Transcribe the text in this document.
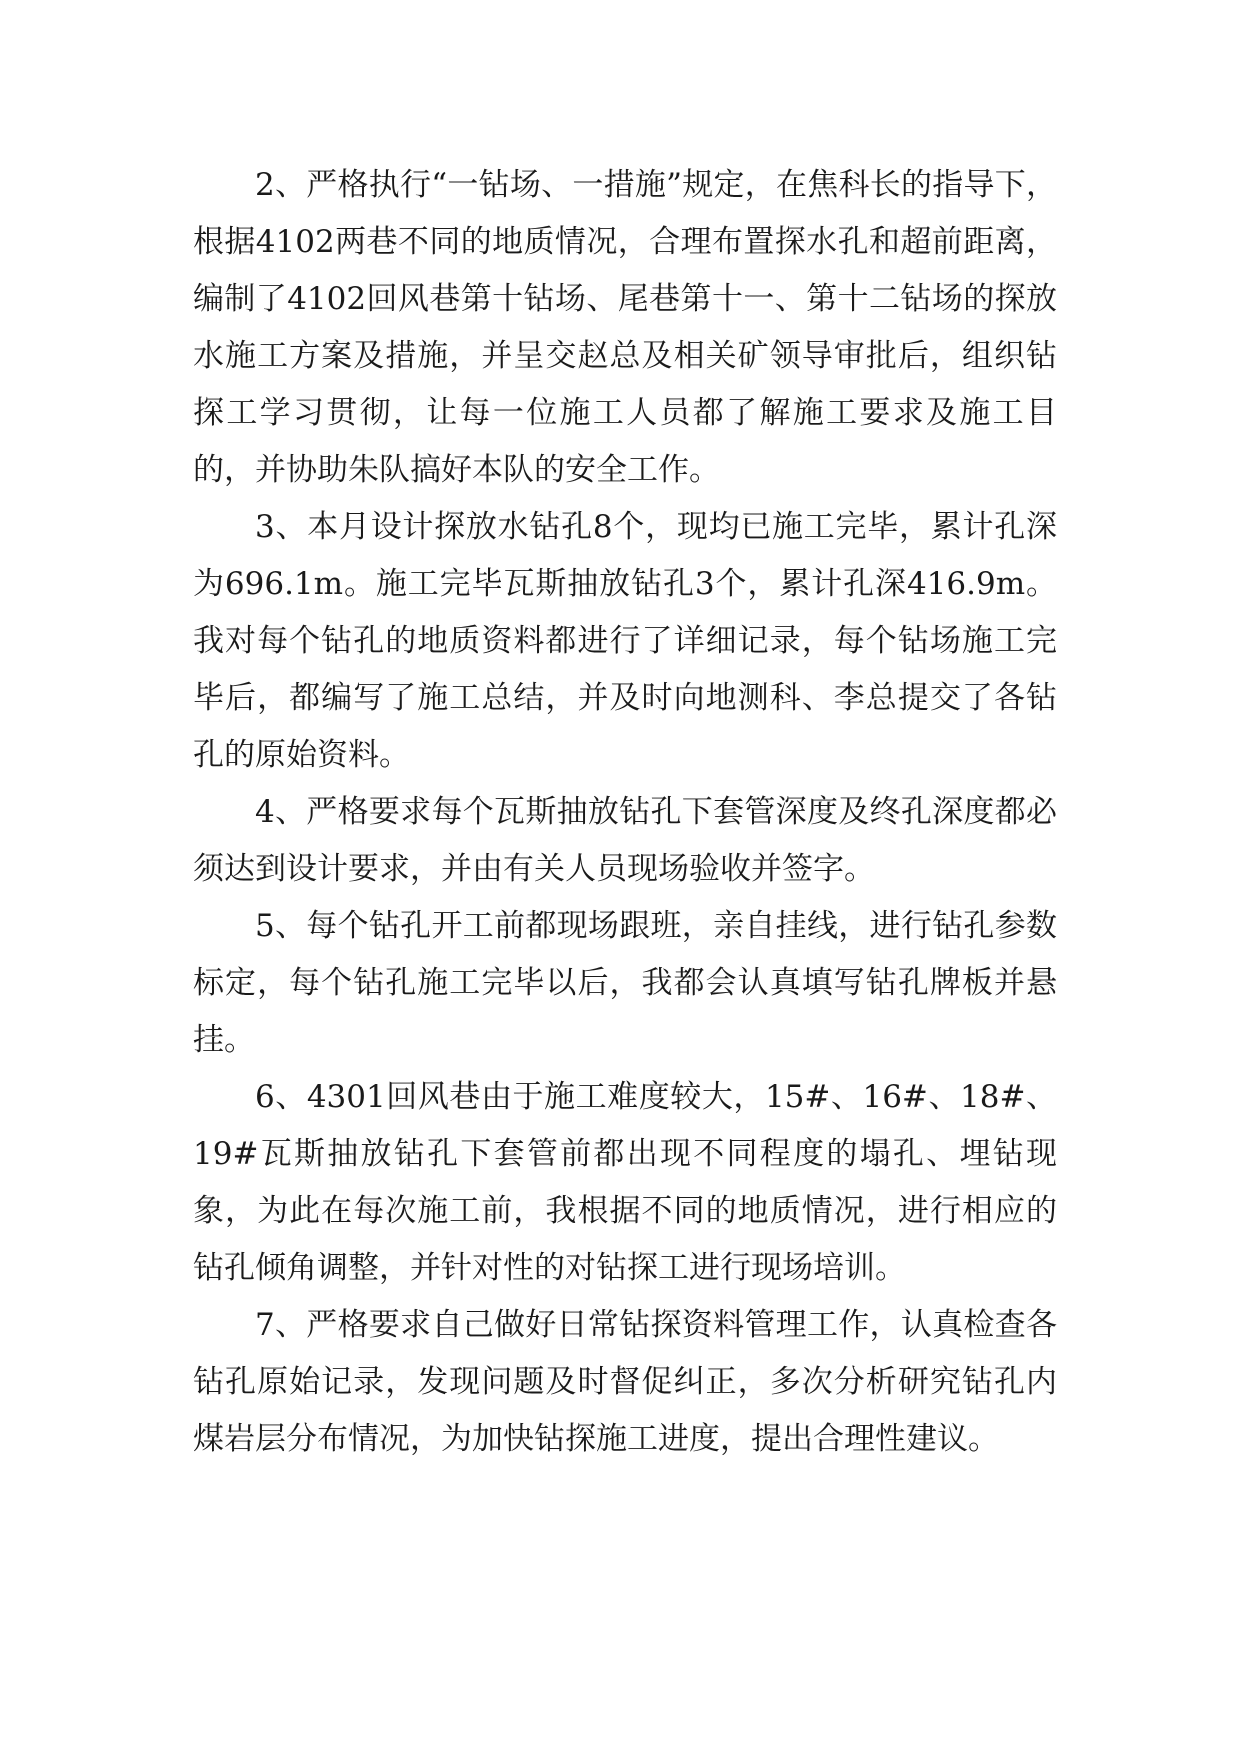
2、严格执行“一钻场、一措施”规定，在焦科长的指导下，根据4102两巷不同的地质情况，合理布置探水孔和超前距离，编制了4102回风巷第十钻场、尾巷第十一、第十二钻场的探放水施工方案及措施，并呈交赵总及相关矿领导审批后，组织钻探工学习贯彻，让每一位施工人员都了解施工要求及施工目的，并协助朱队搞好本队的安全工作。

3、本月设计探放水钻孔8个，现均已施工完毕，累计孔深为696.1m。施工完毕瓦斯抽放钻孔3个，累计孔深416.9m。我对每个钻孔的地质资料都进行了详细记录，每个钻场施工完毕后，都编写了施工总结，并及时向地测科、李总提交了各钻孔的原始资料。

4、严格要求每个瓦斯抽放钻孔下套管深度及终孔深度都必须达到设计要求，并由有关人员现场验收并签字。

5、每个钻孔开工前都现场跟班，亲自挂线，进行钻孔参数标定，每个钻孔施工完毕以后，我都会认真填写钻孔牌板并悬挂。

6、4301回风巷由于施工难度较大，15#、16#、18#、19#瓦斯抽放钻孔下套管前都出现不同程度的塌孔、埋钻现象，为此在每次施工前，我根据不同的地质情况，进行相应的钻孔倾角调整，并针对性的对钻探工进行现场培训。

7、严格要求自己做好日常钻探资料管理工作，认真检查各钻孔原始记录，发现问题及时督促纠正，多次分析研究钻孔内煤岩层分布情况，为加快钻探施工进度，提出合理性建议。
